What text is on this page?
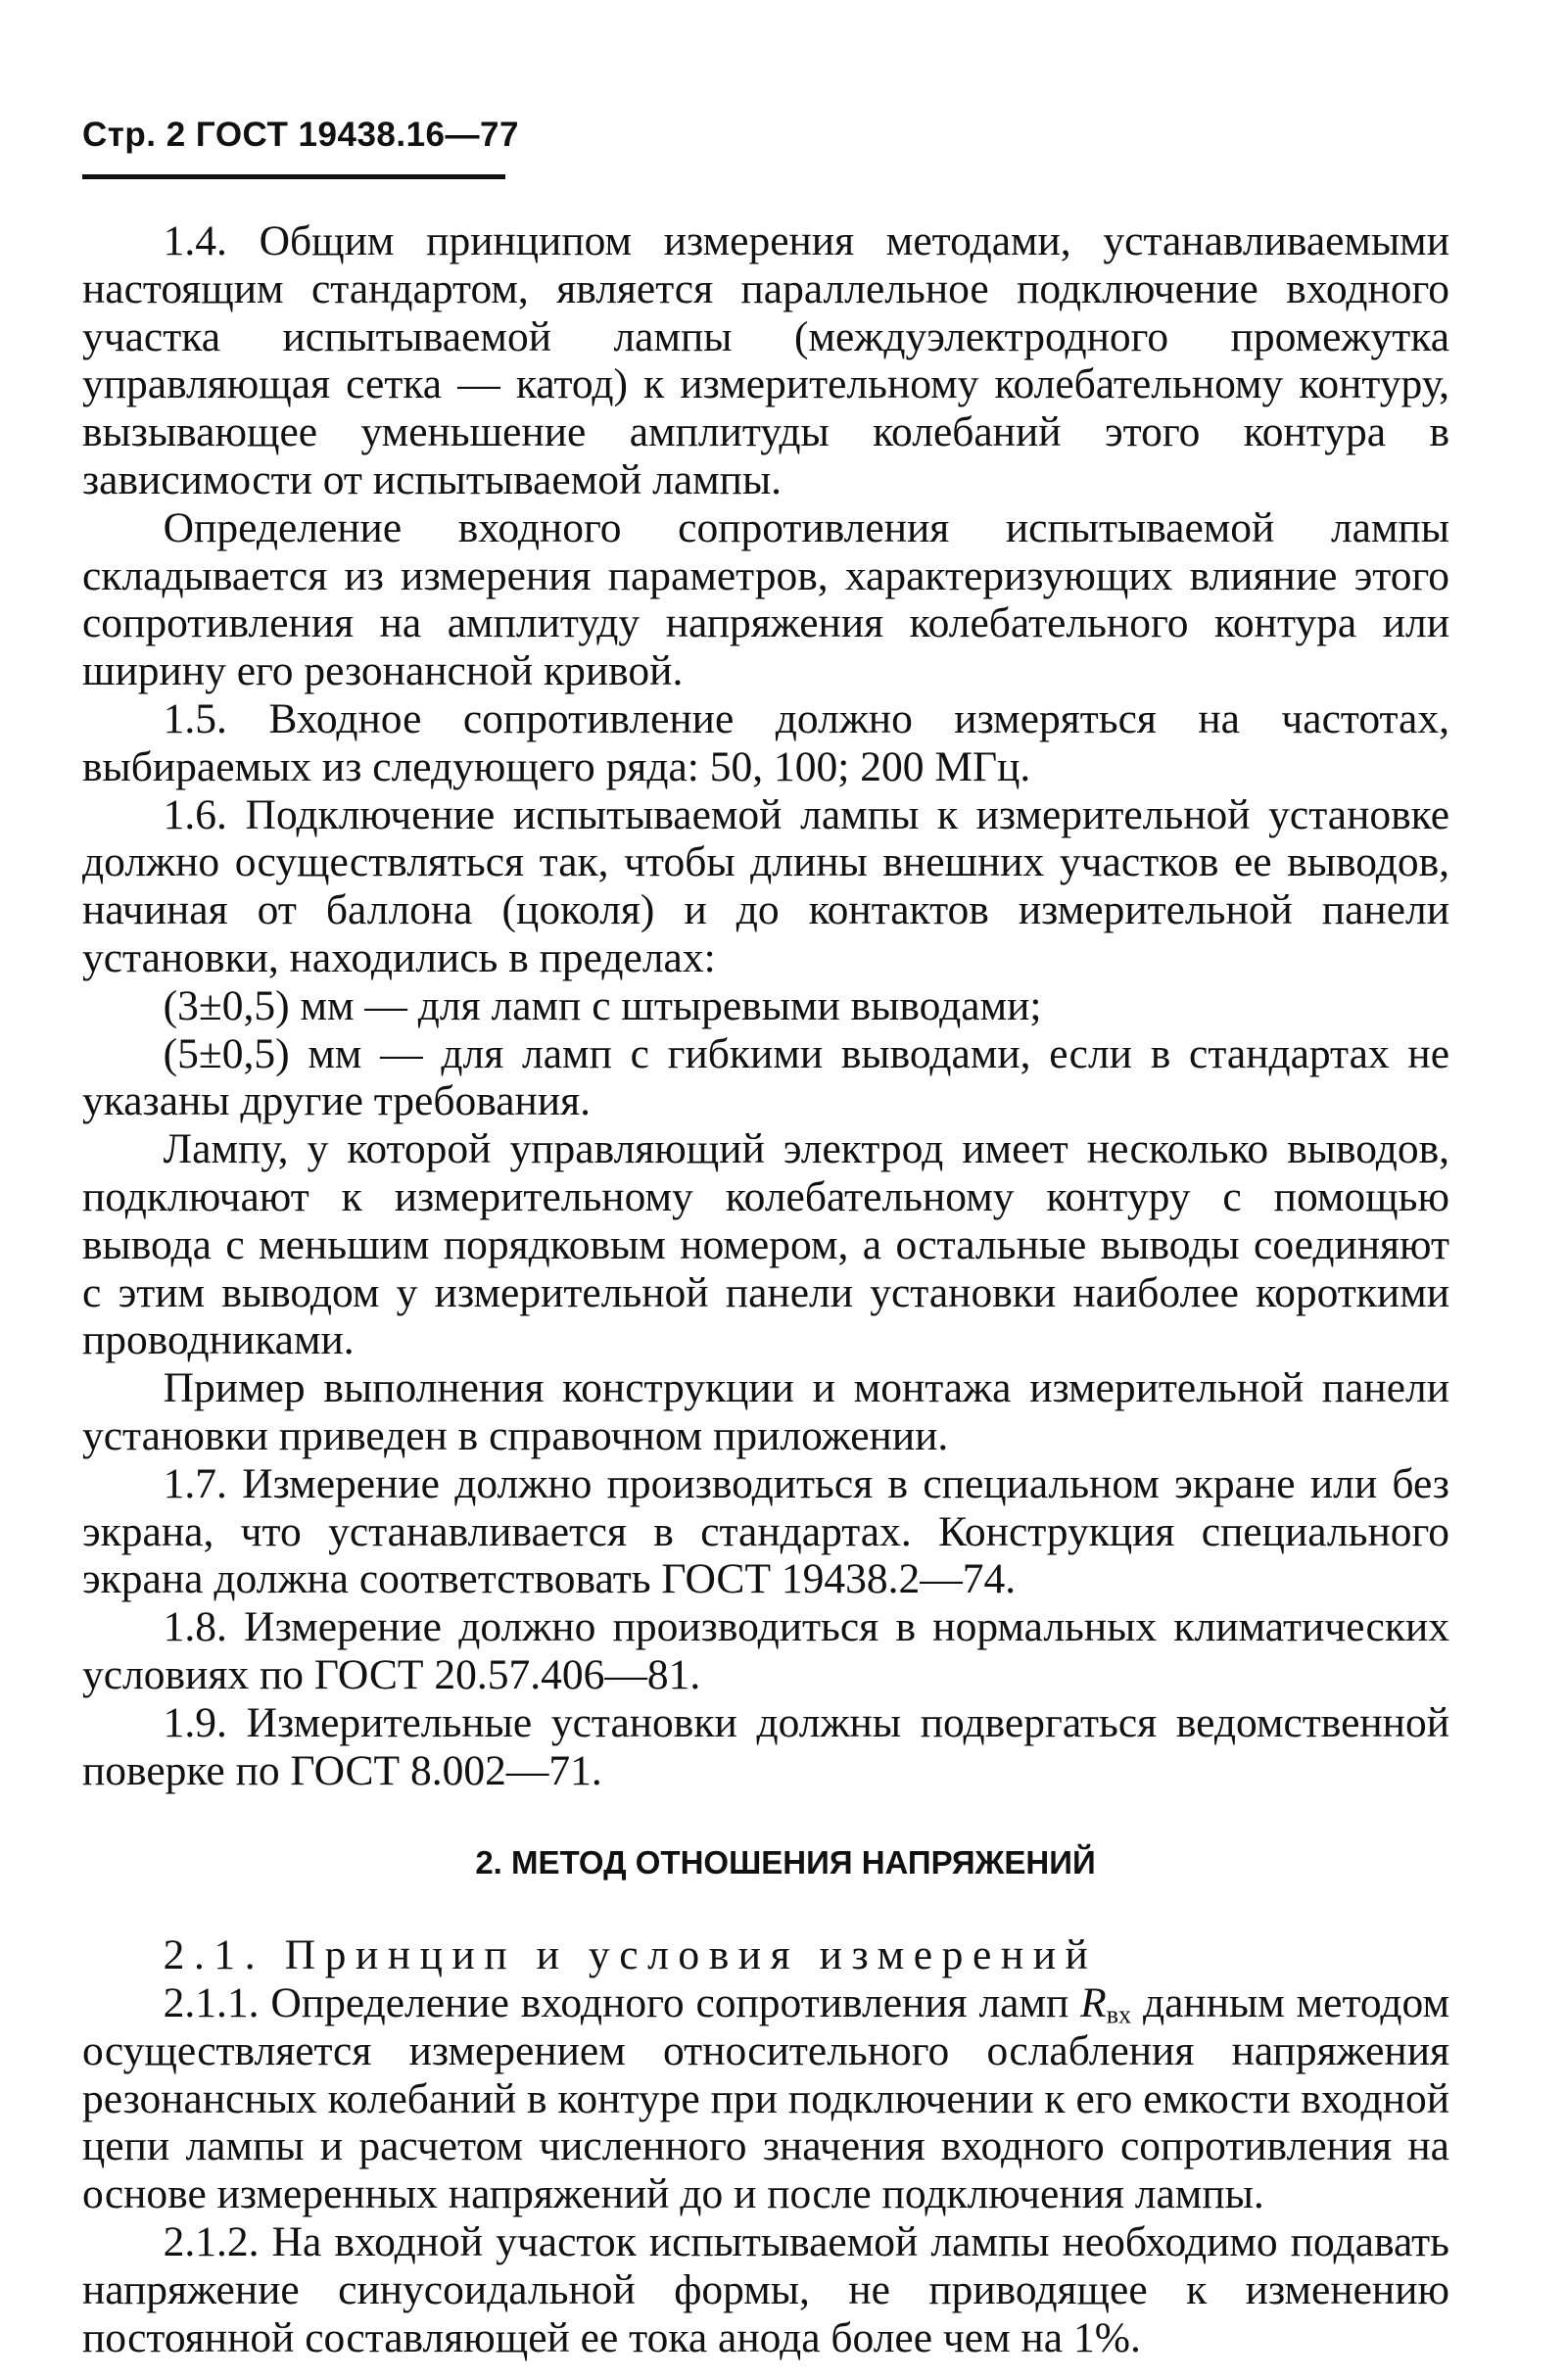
Стр. 2 ГОСТ 19438.16—77

1.4. Общим принципом измерения методами, устанавливаемыми настоящим стандартом, является параллельное подключение входного участка испытываемой лампы (междуэлектродного промежутка управляющая сетка — катод) к измерительному колебательному контуру, вызывающее уменьшение амплитуды колебаний этого контура в зависимости от испытываемой лампы.

Определение входного сопротивления испытываемой лампы складывается из измерения параметров, характеризующих влияние этого сопротивления на амплитуду напряжения колебательного контура или ширину его резонансной кривой.

1.5. Входное сопротивление должно измеряться на частотах, выбираемых из следующего ряда: 50, 100; 200 МГц.

1.6. Подключение испытываемой лампы к измерительной установке должно осуществляться так, чтобы длины внешних участков ее выводов, начиная от баллона (цоколя) и до контактов измерительной панели установки, находились в пределах:

(3±0,5) мм — для ламп с штыревыми выводами;

(5±0,5) мм — для ламп с гибкими выводами, если в стандартах не указаны другие требования.

Лампу, у которой управляющий электрод имеет несколько выводов, подключают к измерительному колебательному контуру с помощью вывода с меньшим порядковым номером, а остальные выводы соединяют с этим выводом у измерительной панели установки наиболее короткими проводниками.

Пример выполнения конструкции и монтажа измерительной панели установки приведен в справочном приложении.

1.7. Измерение должно производиться в специальном экране или без экрана, что устанавливается в стандартах. Конструкция специального экрана должна соответствовать ГОСТ 19438.2—74.

1.8. Измерение должно производиться в нормальных климатических условиях по ГОСТ 20.57.406—81.

1.9. Измерительные установки должны подвергаться ведомственной поверке по ГОСТ 8.002—71.

2. МЕТОД ОТНОШЕНИЯ НАПРЯЖЕНИЙ

2.1. Принцип и условия измерений

2.1.1. Определение входного сопротивления ламп $R_{вх}$ данным методом осуществляется измерением относительного ослабления напряжения резонансных колебаний в контуре при подключении к его емкости входной цепи лампы и расчетом численного значения входного сопротивления на основе измеренных напряжений до и после подключения лампы.

2.1.2. На входной участок испытываемой лампы необходимо подавать напряжение синусоидальной формы, не приводящее к изменению постоянной составляющей ее тока анода более чем на 1%.
